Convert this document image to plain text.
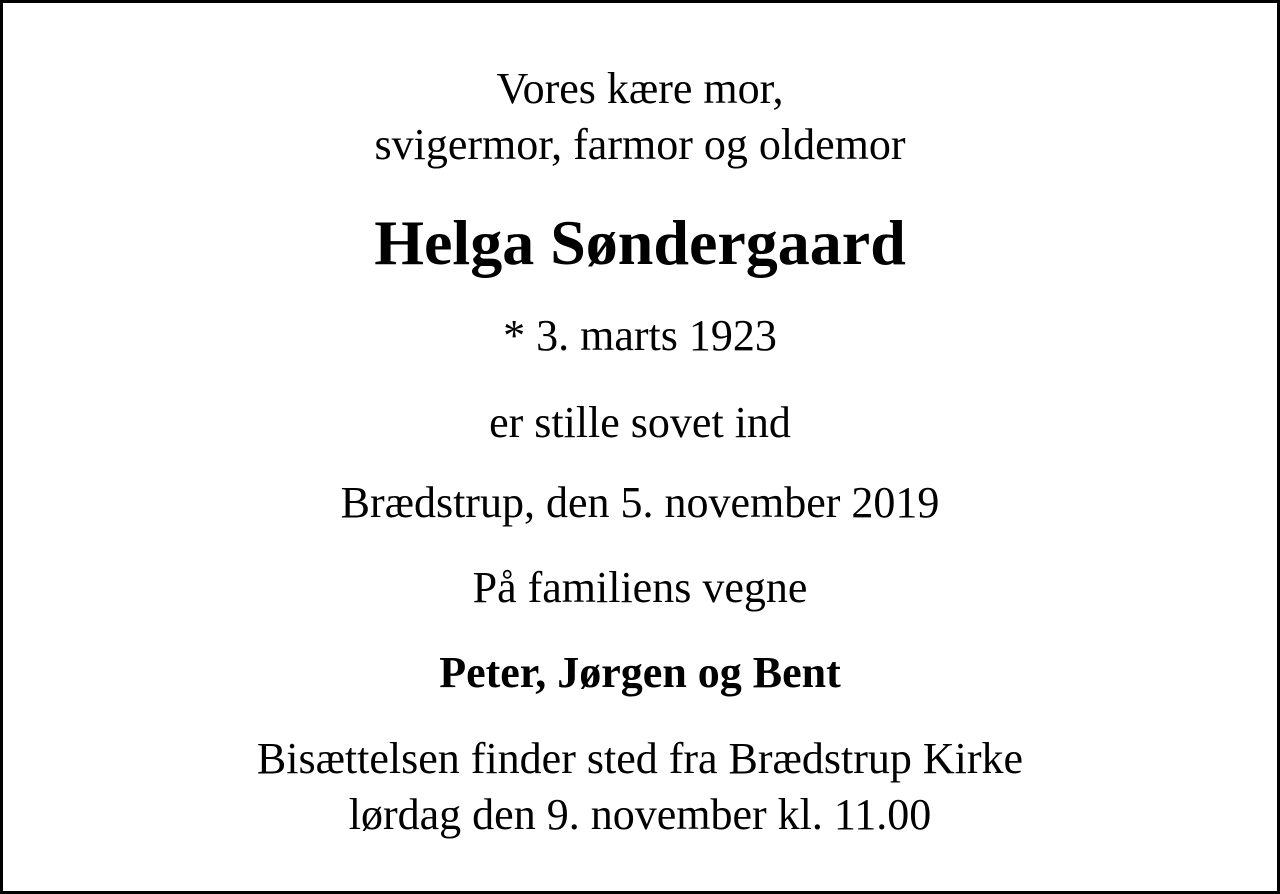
Vores kære mor,
svigermor, farmor og oldemor

Helga Søndergaard

* 3. marts 1923

er stille sovet ind

Brædstrup, den 5. november 2019

På familiens vegne

Peter, Jørgen og Bent

Bisættelsen finder sted fra Brædstrup Kirke
lørdag den 9. november kl. 11.00
